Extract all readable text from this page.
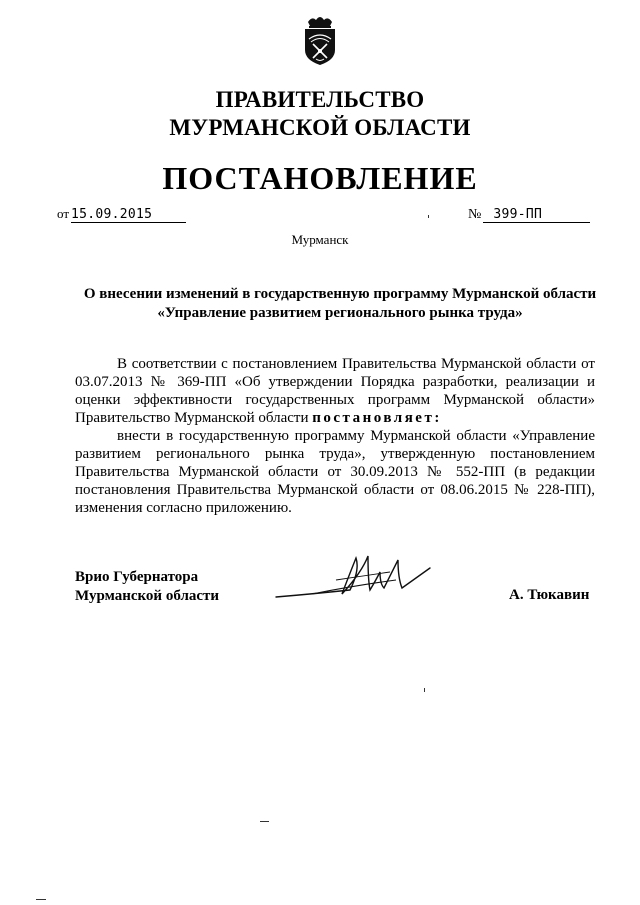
ПРАВИТЕЛЬСТВО
МУРМАНСКОЙ ОБЛАСТИ
ПОСТАНОВЛЕНИЕ
от 15.09.2015	№ 399-ПП
Мурманск
О внесении изменений в государственную программу Мурманской области «Управление развитием регионального рынка труда»
В соответствии с постановлением Правительства Мурманской области от 03.07.2013 № 369-ПП «Об утверждении Порядка разработки, реализации и оценки эффективности государственных программ Мурманской области» Правительство Мурманской области постановляет:
внести в государственную программу Мурманской области «Управление развитием регионального рынка труда», утвержденную постановлением Правительства Мурманской области от 30.09.2013 № 552-ПП (в редакции постановления Правительства Мурманской области от 08.06.2015 № 228-ПП), изменения согласно приложению.
Врио Губернатора
Мурманской области	А. Тюкавин
